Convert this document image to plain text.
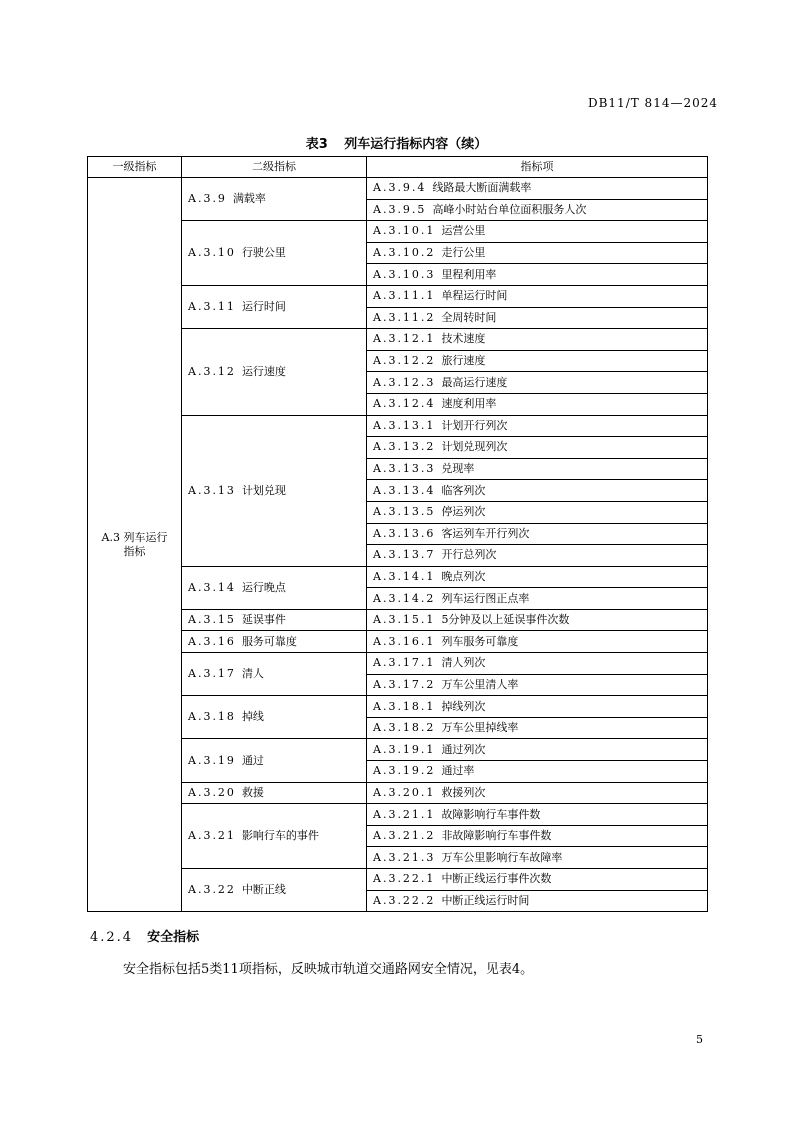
DB11/T 814—2024
表3 列车运行指标内容（续）
一级指标	二级指标	指标项

A.3 列车运行
指标	A.3.9 满载率	A.3.9.4 线路最大断面满载率
		A.3.9.5 高峰小时站台单位面积服务人次
	A.3.10 行驶公里	A.3.10.1 运营公里
		A.3.10.2 走行公里
		A.3.10.3 里程利用率
	A.3.11 运行时间	A.3.11.1 单程运行时间
		A.3.11.2 全周转时间
	A.3.12 运行速度	A.3.12.1 技术速度
		A.3.12.2 旅行速度
		A.3.12.3 最高运行速度
		A.3.12.4 速度利用率
	A.3.13 计划兑现	A.3.13.1 计划开行列次
		A.3.13.2 计划兑现列次
		A.3.13.3 兑现率
		A.3.13.4 临客列次
		A.3.13.5 停运列次
		A.3.13.6 客运列车开行列次
		A.3.13.7 开行总列次
	A.3.14 运行晚点	A.3.14.1 晚点列次
		A.3.14.2 列车运行图正点率
	A.3.15 延误事件	A.3.15.1 5分钟及以上延误事件次数
	A.3.16 服务可靠度	A.3.16.1 列车服务可靠度
	A.3.17 清人	A.3.17.1 清人列次
		A.3.17.2 万车公里清人率
	A.3.18 掉线	A.3.18.1 掉线列次
		A.3.18.2 万车公里掉线率
	A.3.19 通过	A.3.19.1 通过列次
		A.3.19.2 通过率
	A.3.20 救援	A.3.20.1 救援列次
	A.3.21 影响行车的事件	A.3.21.1 故障影响行车事件数
		A.3.21.2 非故障影响行车事件数
		A.3.21.3 万车公里影响行车故障率
	A.3.22 中断正线	A.3.22.1 中断正线运行事件次数
		A.3.22.2 中断正线运行时间
4.2.4 安全指标
安全指标包括5类11项指标，反映城市轨道交通路网安全情况，见表4。
5
